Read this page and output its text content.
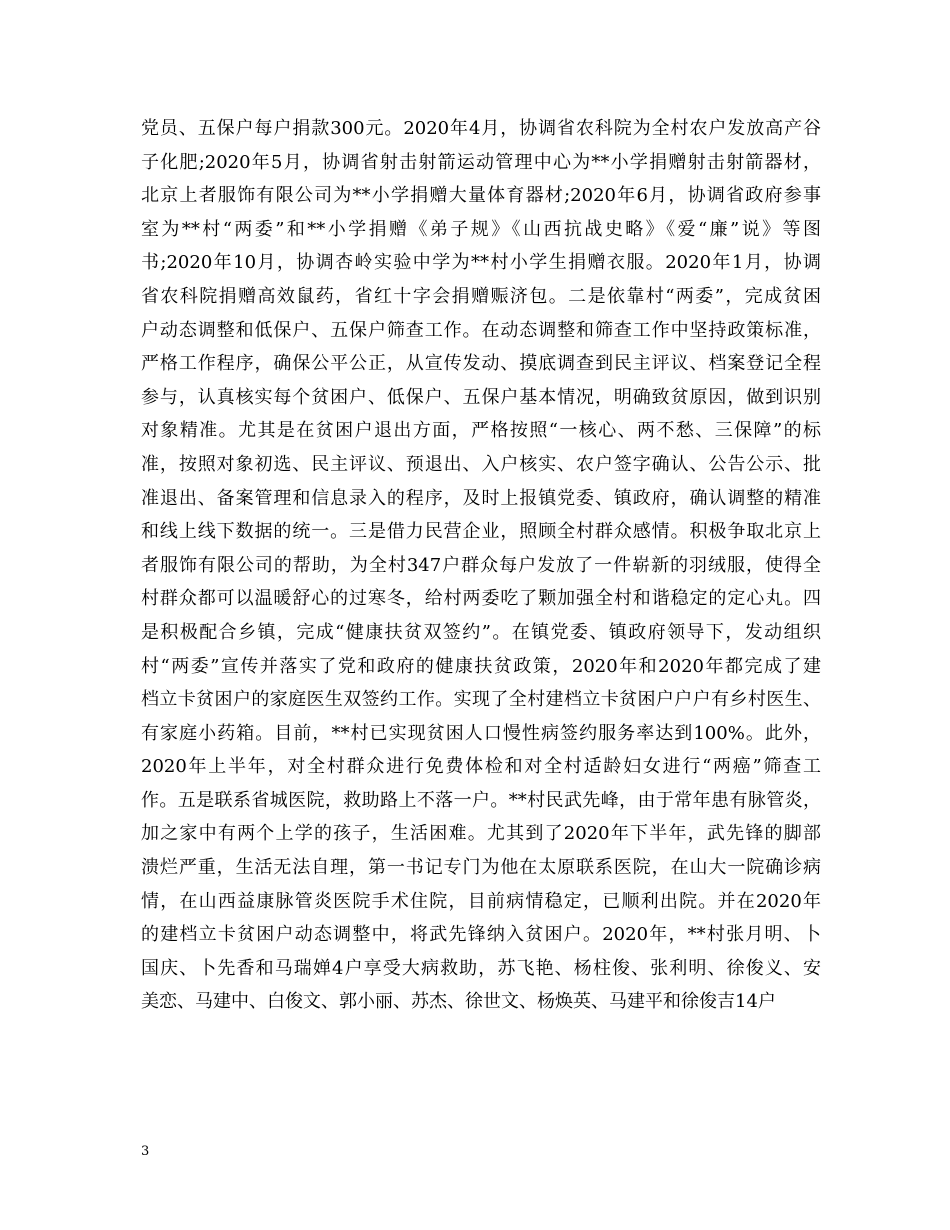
党员、五保户每户捐款300元。2020年4月，协调省农科院为全村农户发放高产谷
子化肥;2020年5月，协调省射击射箭运动管理中心为**小学捐赠射击射箭器材，
北京上者服饰有限公司为**小学捐赠大量体育器材;2020年6月，协调省政府参事
室为**村“两委”和**小学捐赠《弟子规》《山西抗战史略》《爱“廉”说》等图
书;2020年10月，协调杏岭实验中学为**村小学生捐赠衣服。2020年1月，协调
省农科院捐赠高效鼠药，省红十字会捐赠赈济包。二是依靠村“两委”，完成贫困
户动态调整和低保户、五保户筛查工作。在动态调整和筛查工作中坚持政策标准，
严格工作程序，确保公平公正，从宣传发动、摸底调查到民主评议、档案登记全程
参与，认真核实每个贫困户、低保户、五保户基本情况，明确致贫原因，做到识别
对象精准。尤其是在贫困户退出方面，严格按照“一核心、两不愁、三保障”的标
准，按照对象初选、民主评议、预退出、入户核实、农户签字确认、公告公示、批
准退出、备案管理和信息录入的程序，及时上报镇党委、镇政府，确认调整的精准
和线上线下数据的统一。三是借力民营企业，照顾全村群众感情。积极争取北京上
者服饰有限公司的帮助，为全村347户群众每户发放了一件崭新的羽绒服，使得全
村群众都可以温暖舒心的过寒冬，给村两委吃了颗加强全村和谐稳定的定心丸。四
是积极配合乡镇，完成“健康扶贫双签约”。在镇党委、镇政府领导下，发动组织
村“两委”宣传并落实了党和政府的健康扶贫政策，2020年和2020年都完成了建
档立卡贫困户的家庭医生双签约工作。实现了全村建档立卡贫困户户户有乡村医生、
有家庭小药箱。目前，**村已实现贫困人口慢性病签约服务率达到100%。此外，
2020年上半年，对全村群众进行免费体检和对全村适龄妇女进行“两癌”筛查工
作。五是联系省城医院，救助路上不落一户。**村民武先峰，由于常年患有脉管炎，
加之家中有两个上学的孩子，生活困难。尤其到了2020年下半年，武先锋的脚部
溃烂严重，生活无法自理，第一书记专门为他在太原联系医院，在山大一院确诊病
情，在山西益康脉管炎医院手术住院，目前病情稳定，已顺利出院。并在2020年
的建档立卡贫困户动态调整中，将武先锋纳入贫困户。2020年，**村张月明、卜
国庆、卜先香和马瑞婵4户享受大病救助，苏飞艳、杨柱俊、张利明、徐俊义、安
美恋、马建中、白俊文、郭小丽、苏杰、徐世文、杨焕英、马建平和徐俊吉14户
3
